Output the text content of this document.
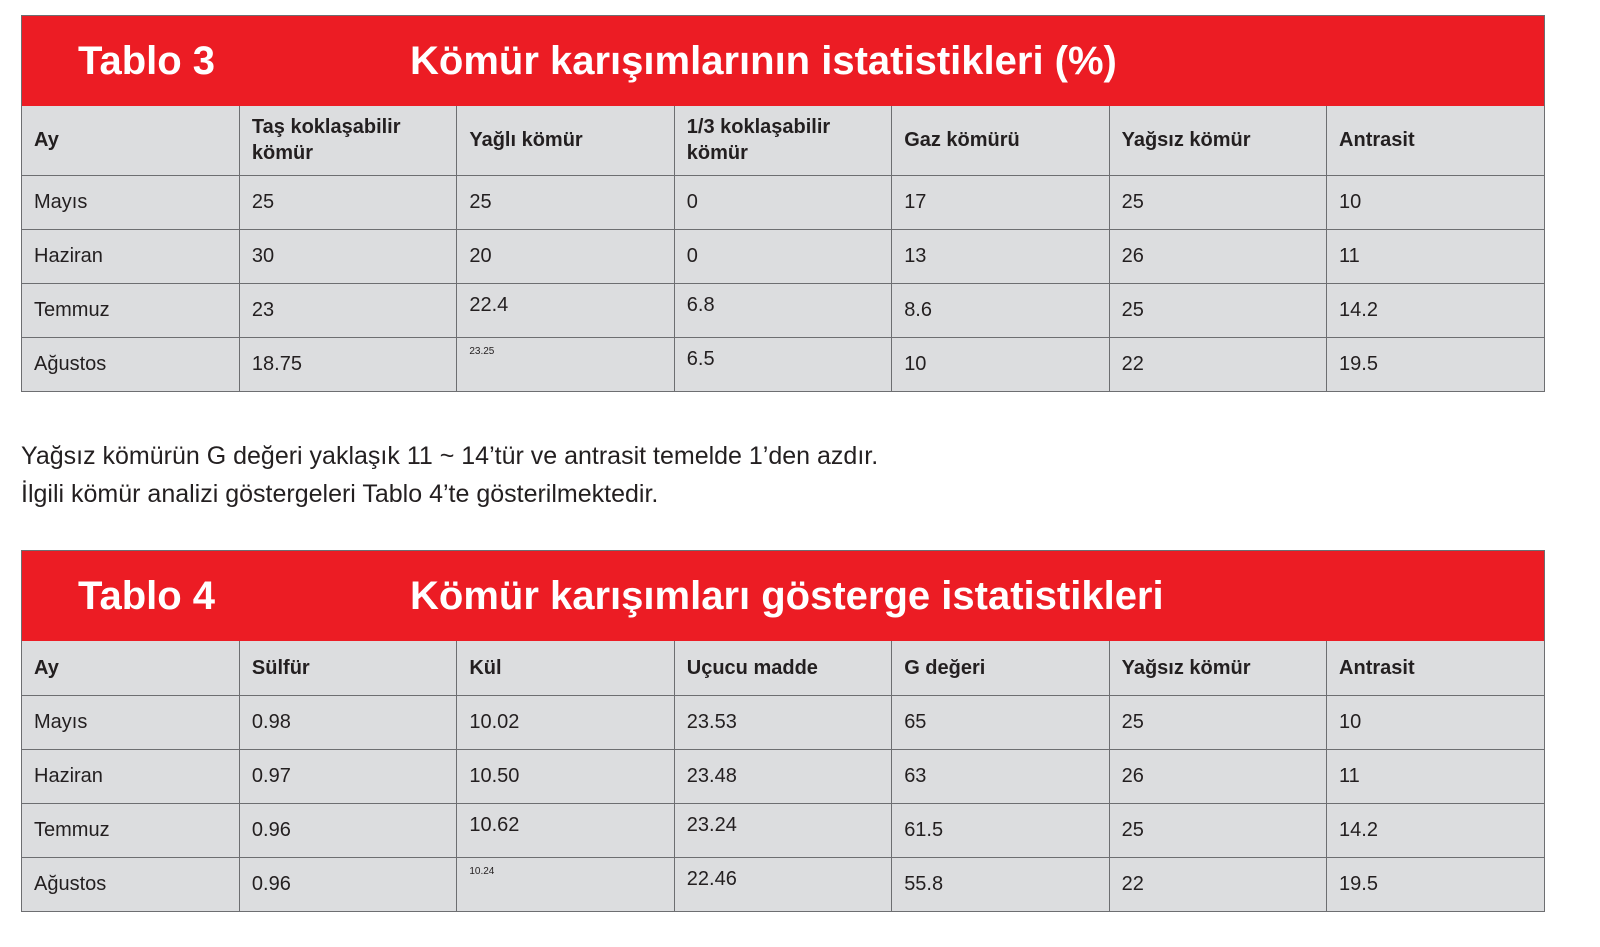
Tablo 3	Kömür karışımlarının istatistikleri (%)
Ay	Taş koklaşabilir kömür	Yağlı kömür	1/3 koklaşabilir kömür	Gaz kömürü	Yağsız kömür	Antrasit
Mayıs	25	25	0	17	25	10
Haziran	30	20	0	13	26	11
Temmuz	23	22.4	6.8	8.6	25	14.2
Ağustos	18.75	23.25	6.5	10	22	19.5
Yağsız kömürün G değeri yaklaşık 11 ~ 14’tür ve antrasit temelde 1’den azdır.
İlgili kömür analizi göstergeleri Tablo 4’te gösterilmektedir.
Tablo 4	Kömür karışımları gösterge istatistikleri
Ay	Sülfür	Kül	Uçucu madde	G değeri	Yağsız kömür	Antrasit
Mayıs	0.98	10.02	23.53	65	25	10
Haziran	0.97	10.50	23.48	63	26	11
Temmuz	0.96	10.62	23.24	61.5	25	14.2
Ağustos	0.96	10.24	22.46	55.8	22	19.5
